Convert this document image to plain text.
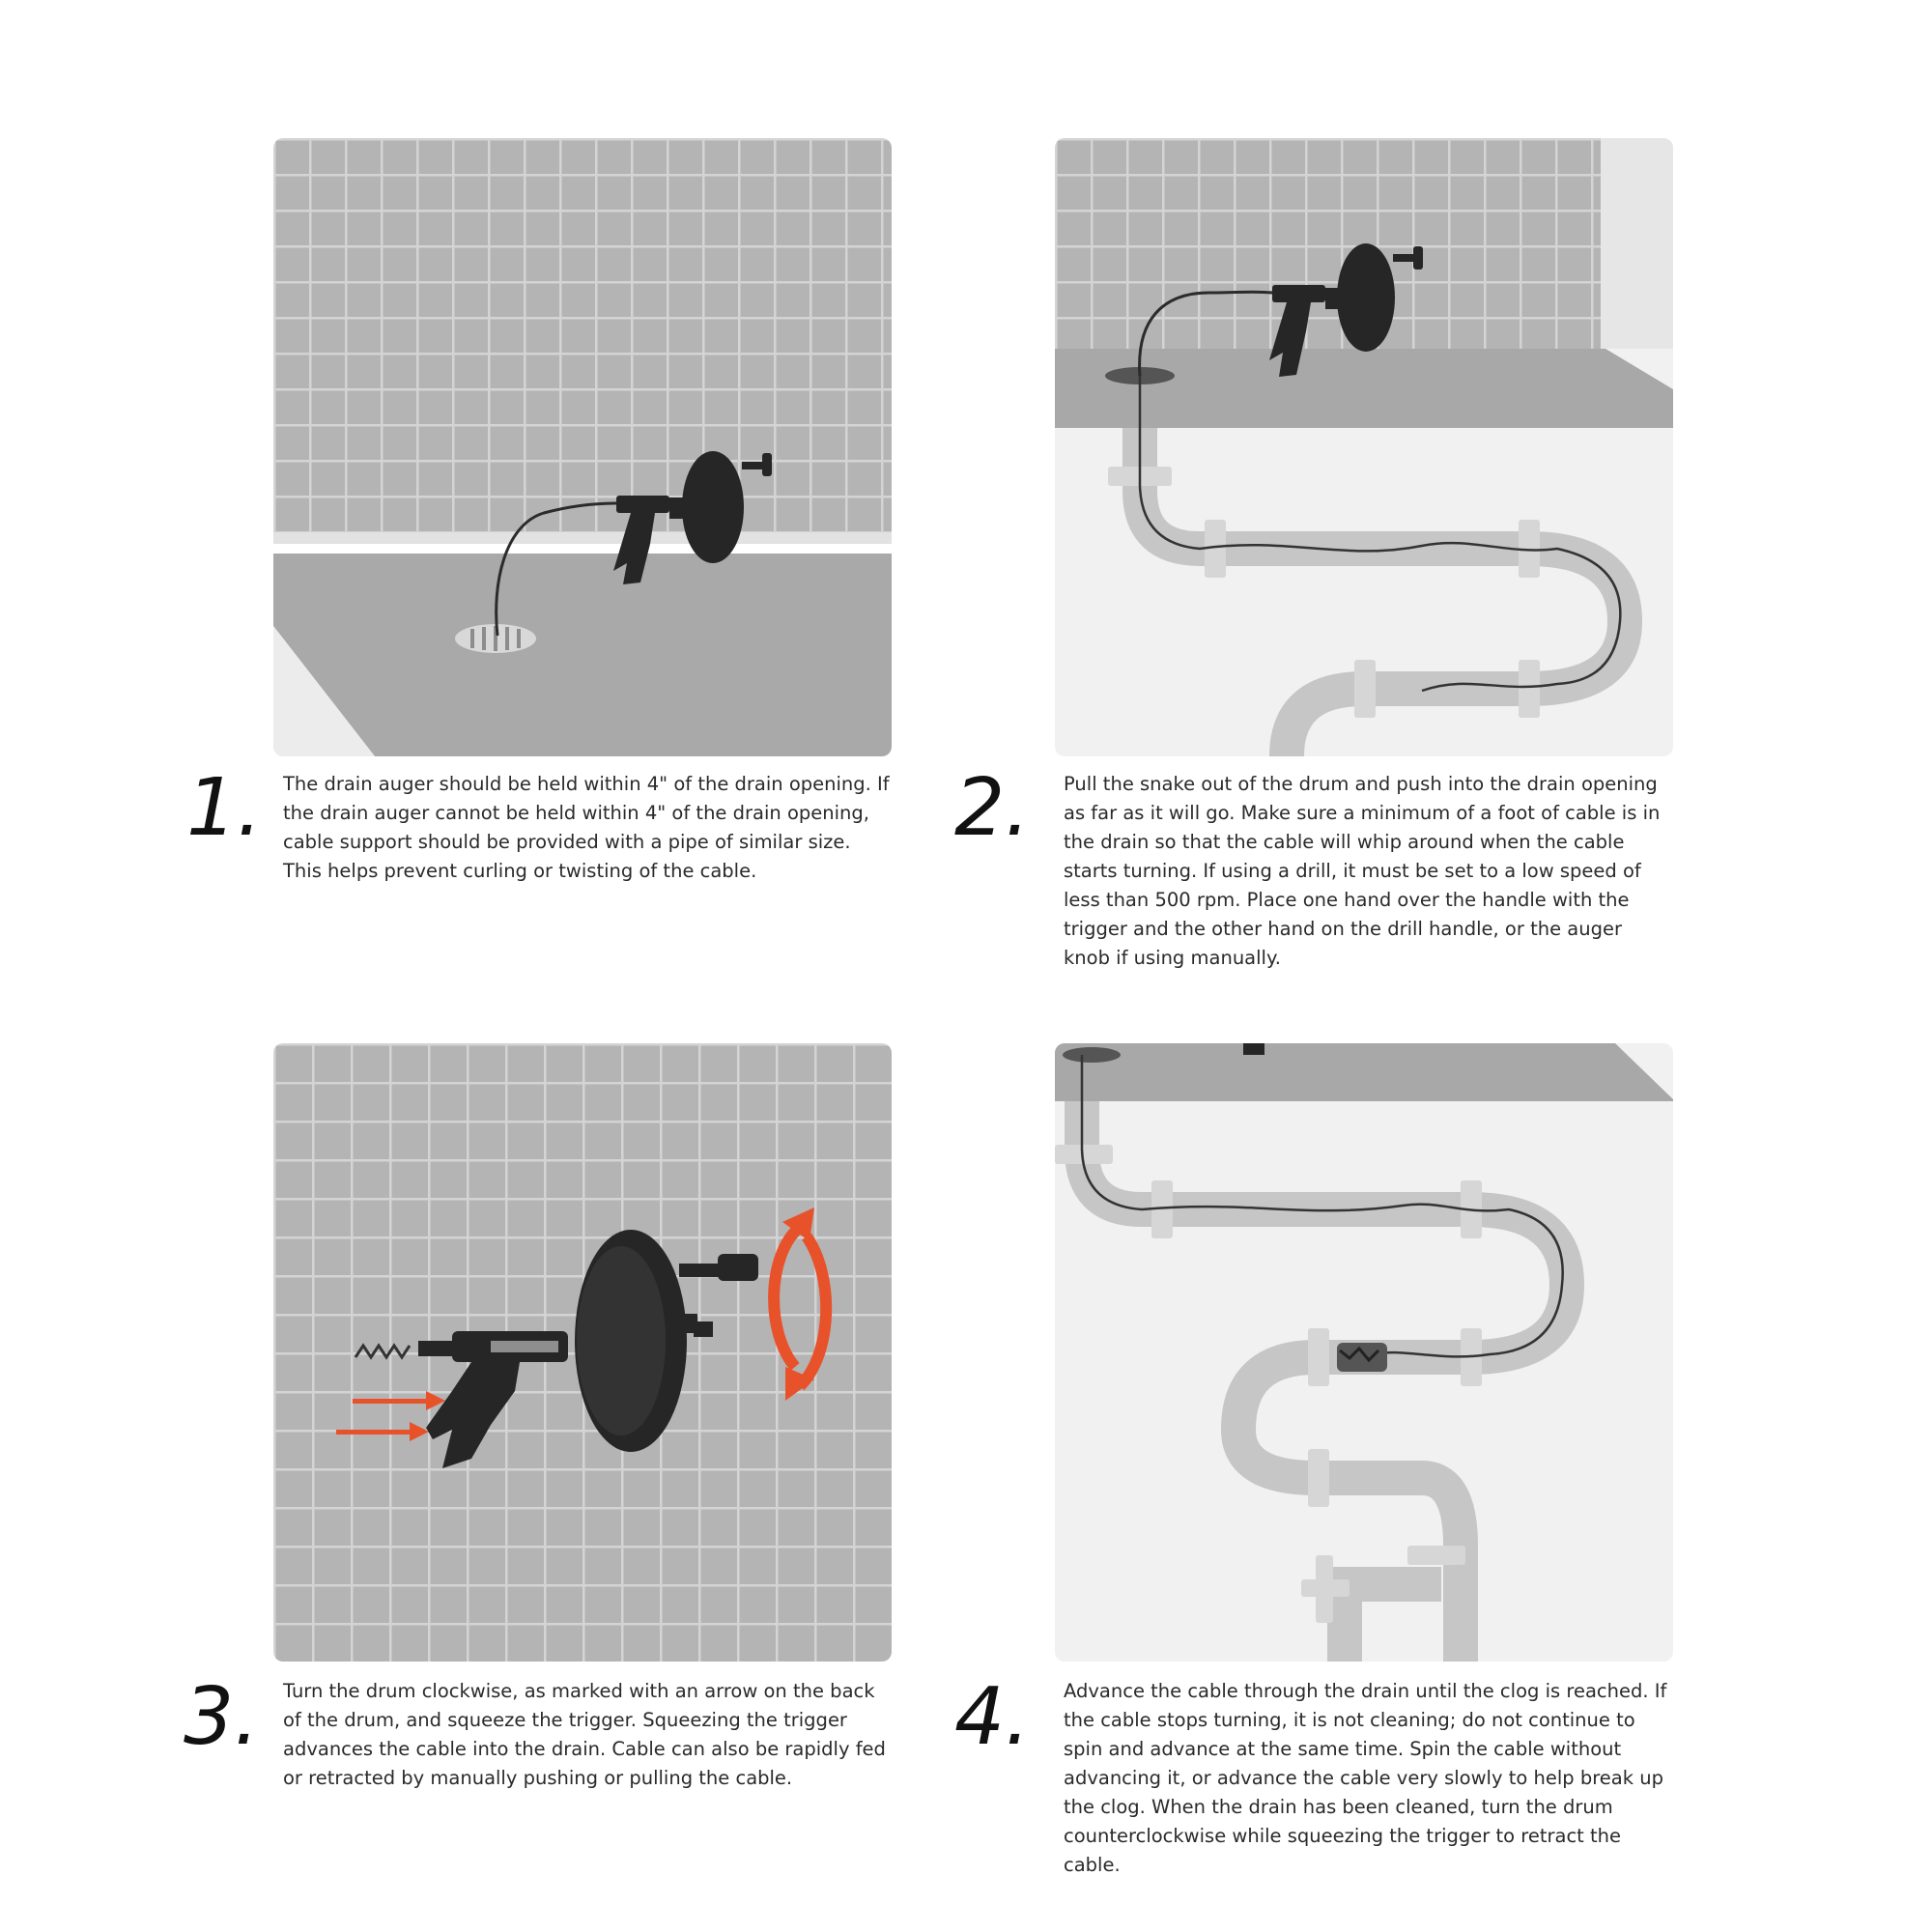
1. The drain auger should be held within 4" of the drain opening. If the drain auger cannot be held within 4" of the drain opening, cable support should be provided with a pipe of similar size. This helps prevent curling or twisting of the cable.

2. Pull the snake out of the drum and push into the drain opening as far as it will go. Make sure a minimum of a foot of cable is in the drain so that the cable will whip around when the cable starts turning. If using a drill, it must be set to a low speed of less than 500 rpm. Place one hand over the handle with the trigger and the other hand on the drill handle, or the auger knob if using manually.

3. Turn the drum clockwise, as marked with an arrow on the back of the drum, and squeeze the trigger. Squeezing the trigger advances the cable into the drain. Cable can also be rapidly fed or retracted by manually pushing or pulling the cable.

4. Advance the cable through the drain until the clog is reached. If the cable stops turning, it is not cleaning; do not continue to spin and advance at the same time. Spin the cable without advancing it, or advance the cable very slowly to help break up the clog. When the drain has been cleaned, turn the drum counterclockwise while squeezing the trigger to retract the cable.
